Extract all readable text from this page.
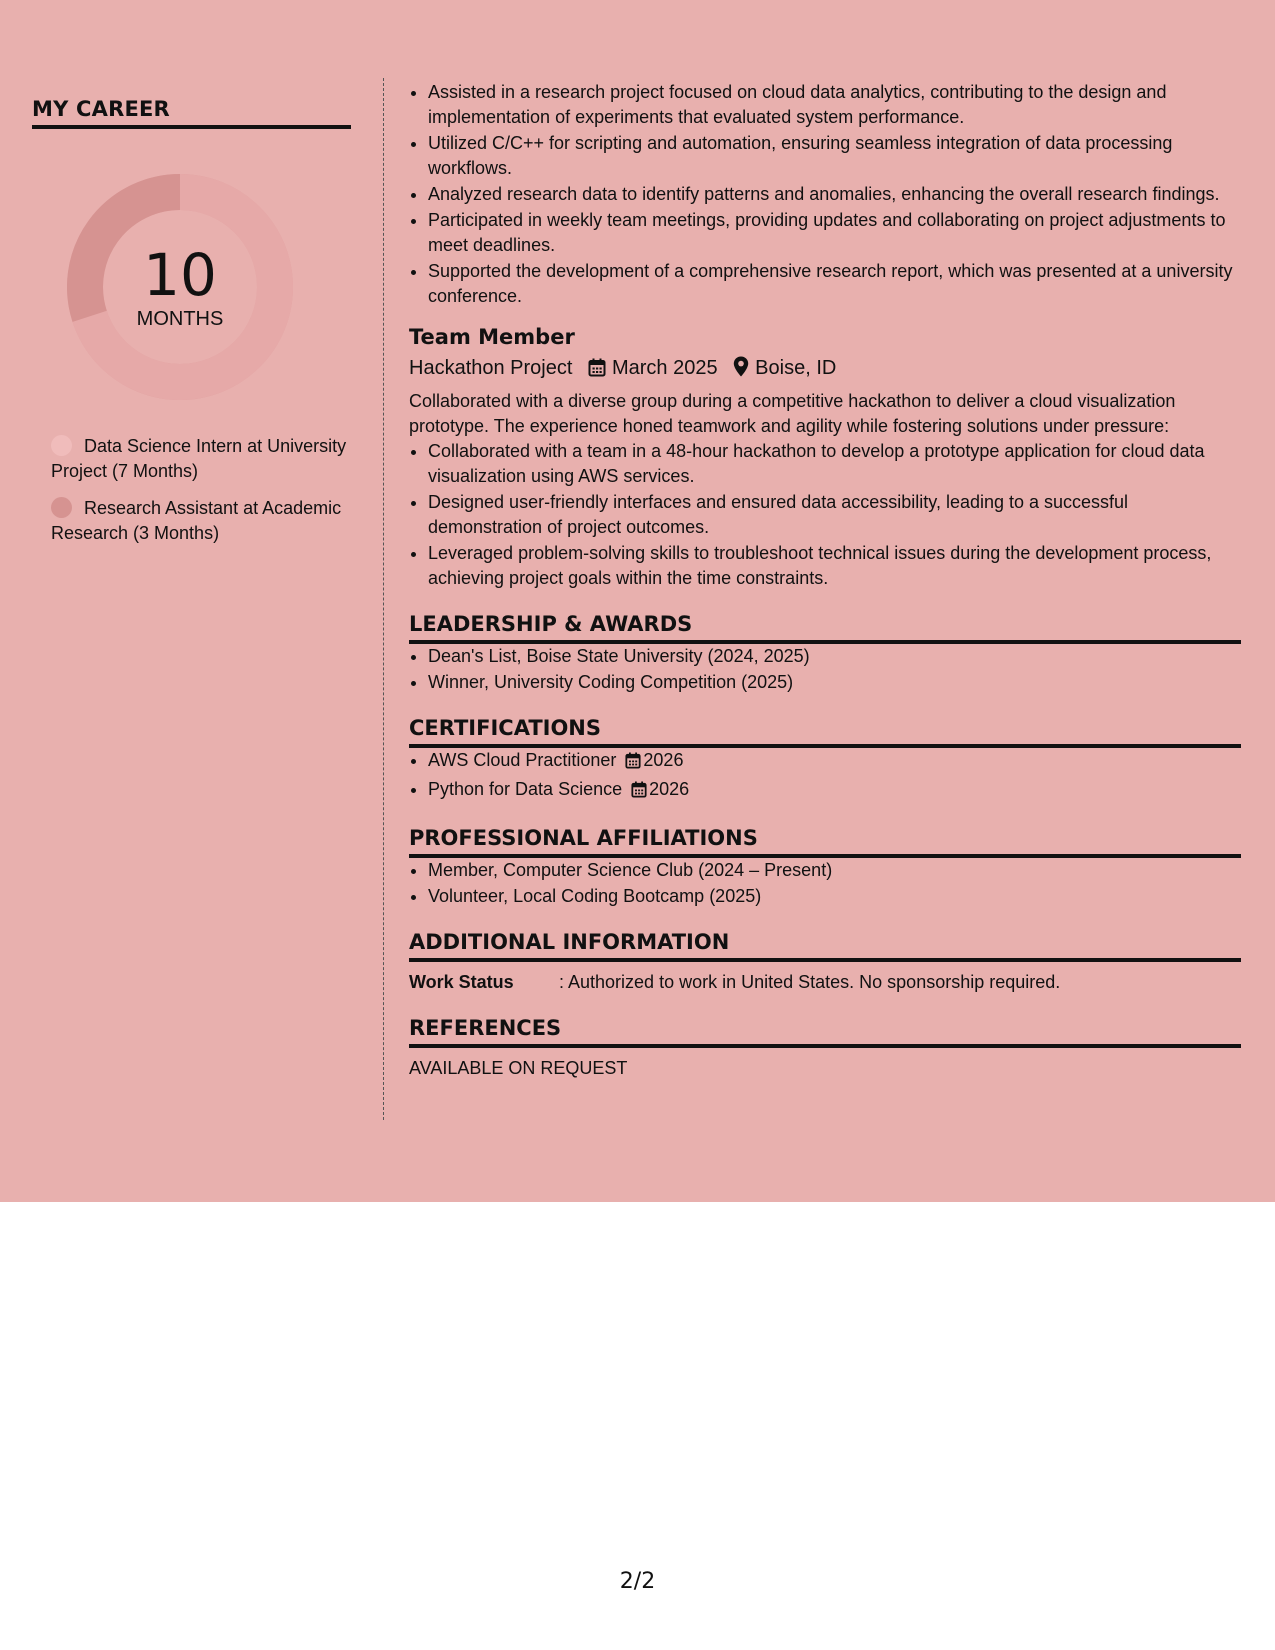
MY CAREER
10
MONTHS
Data Science Intern at University Project (7 Months)
Research Assistant at Academic Research (3 Months)
• Assisted in a research project focused on cloud data analytics, contributing to the design and implementation of experiments that evaluated system performance.
• Utilized C/C++ for scripting and automation, ensuring seamless integration of data processing workflows.
• Analyzed research data to identify patterns and anomalies, enhancing the overall research findings.
• Participated in weekly team meetings, providing updates and collaborating on project adjustments to meet deadlines.
• Supported the development of a comprehensive research report, which was presented at a university conference.
Team Member
Hackathon Project March 2025 Boise, ID
Collaborated with a diverse group during a competitive hackathon to deliver a cloud visualization prototype. The experience honed teamwork and agility while fostering solutions under pressure:
• Collaborated with a team in a 48-hour hackathon to develop a prototype application for cloud data visualization using AWS services.
• Designed user-friendly interfaces and ensured data accessibility, leading to a successful demonstration of project outcomes.
• Leveraged problem-solving skills to troubleshoot technical issues during the development process, achieving project goals within the time constraints.
LEADERSHIP & AWARDS
• Dean's List, Boise State University (2024, 2025)
• Winner, University Coding Competition (2025)
CERTIFICATIONS
• AWS Cloud Practitioner 2026
• Python for Data Science 2026
PROFESSIONAL AFFILIATIONS
• Member, Computer Science Club (2024 – Present)
• Volunteer, Local Coding Bootcamp (2025)
ADDITIONAL INFORMATION
Work Status	: Authorized to work in United States. No sponsorship required.
REFERENCES
AVAILABLE ON REQUEST
2/2
